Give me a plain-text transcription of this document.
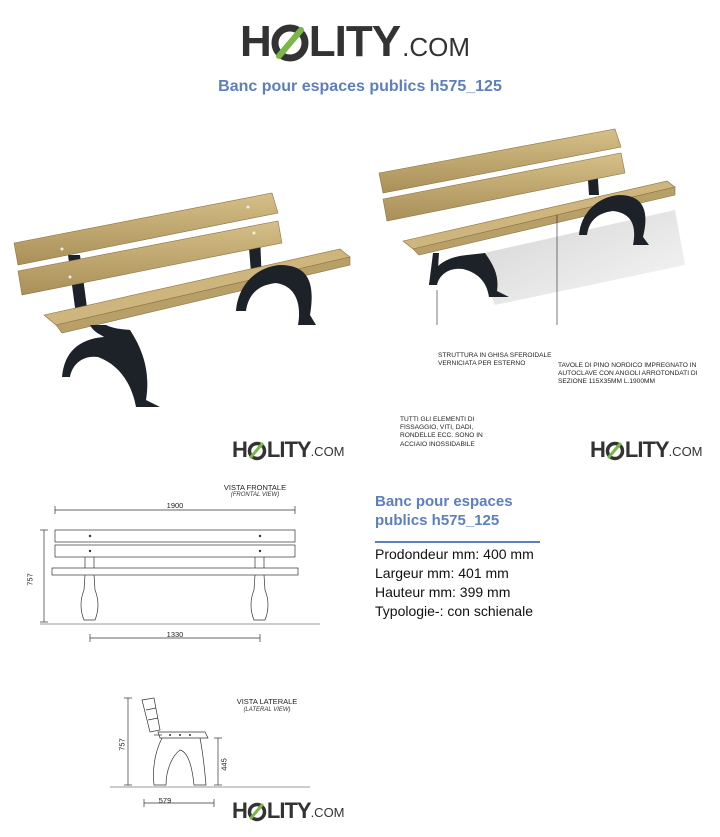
H LITY .COM
Banc pour espaces publics h575_125
STRUTTURA IN GHISA SFEROIDALE VERNICIATA PER ESTERNO	TAVOLE DI PINO NORDICO IMPREGNATO IN AUTOCLAVE CON ANGOLI ARROTONDATI DI SEZIONE 115X35MM L.1900MM
TUTTI GLI ELEMENTI DI FISSAGGIO, VITI, DADI, RONDELLE ECC. SONO IN ACCIAIO INOSSIDABILE
H LITY .COM	H LITY .COM
VISTA FRONTALE
(FRONTAL VIEW)
1900
757
1330
Banc pour espaces publics h575_125
Prodondeur mm: 400 mm
Largeur mm: 401 mm
Hauteur mm: 399 mm
Typologie-: con schienale
VISTA LATERALE
(LATERAL VIEW)
757
445
579	H LITY .COM
